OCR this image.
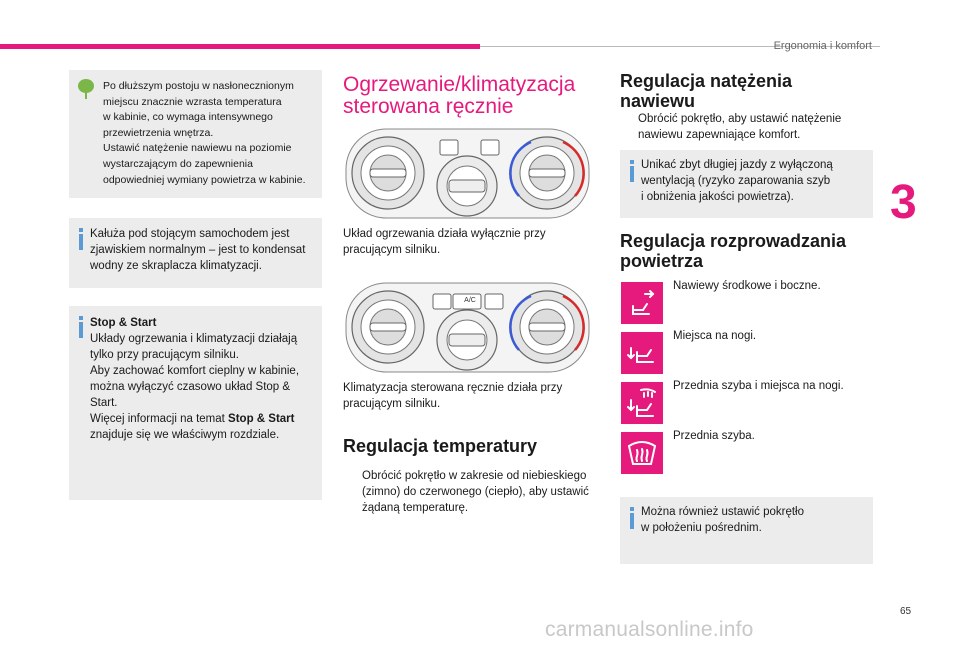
Ergonomia i komfort
3

Po dłuższym postoju w nasłonecznionym

miejscu znacznie wzrasta temperatura

w kabinie, co wymaga intensywnego

przewietrzenia wnętrza.

Ustawić natężenie nawiewu na poziomie

wystarczającym do zapewnienia

odpowiedniej wymiany powietrza w kabinie.

Kałuża pod stojącym samochodem jest

zjawiskiem normalnym – jest to kondensat

wodny ze skraplacza klimatyzacji.

Stop & Start

Układy ogrzewania i klimatyzacji działają

tylko przy pracującym silniku.

Aby zachować komfort cieplny w kabinie,

można wyłączyć czasowo układ Stop &

Start.

Więcej informacji na temat Stop & Start

znajduje się we właściwym rozdziale.

Ogrzewanie/klimatyzacja
sterowana ręcznie
Układ ogrzewania działa wyłącznie przy
pracującym silniku.
A/C
Klimatyzacja sterowana ręcznie działa przy
pracującym silniku.
Regulacja temperatury
Obrócić pokrętło w zakresie od niebieskiego
(zimno) do czerwonego (ciepło), aby ustawić
żądaną temperaturę.
Regulacja natężenia
nawiewu
Obrócić pokrętło, aby ustawić natężenie
nawiewu zapewniające komfort.

Unikać zbyt długiej jazdy z wyłączoną

wentylacją (ryzyko zaparowania szyb

i obniżenia jakości powietrza).

Regulacja rozprowadzania
powietrza
Nawiewy środkowe i boczne.
Miejsca na nogi.
Przednia szyba i miejsca na nogi.
Przednia szyba.

Można również ustawić pokrętło

w położeniu pośrednim.

65
carmanualsonline.info
